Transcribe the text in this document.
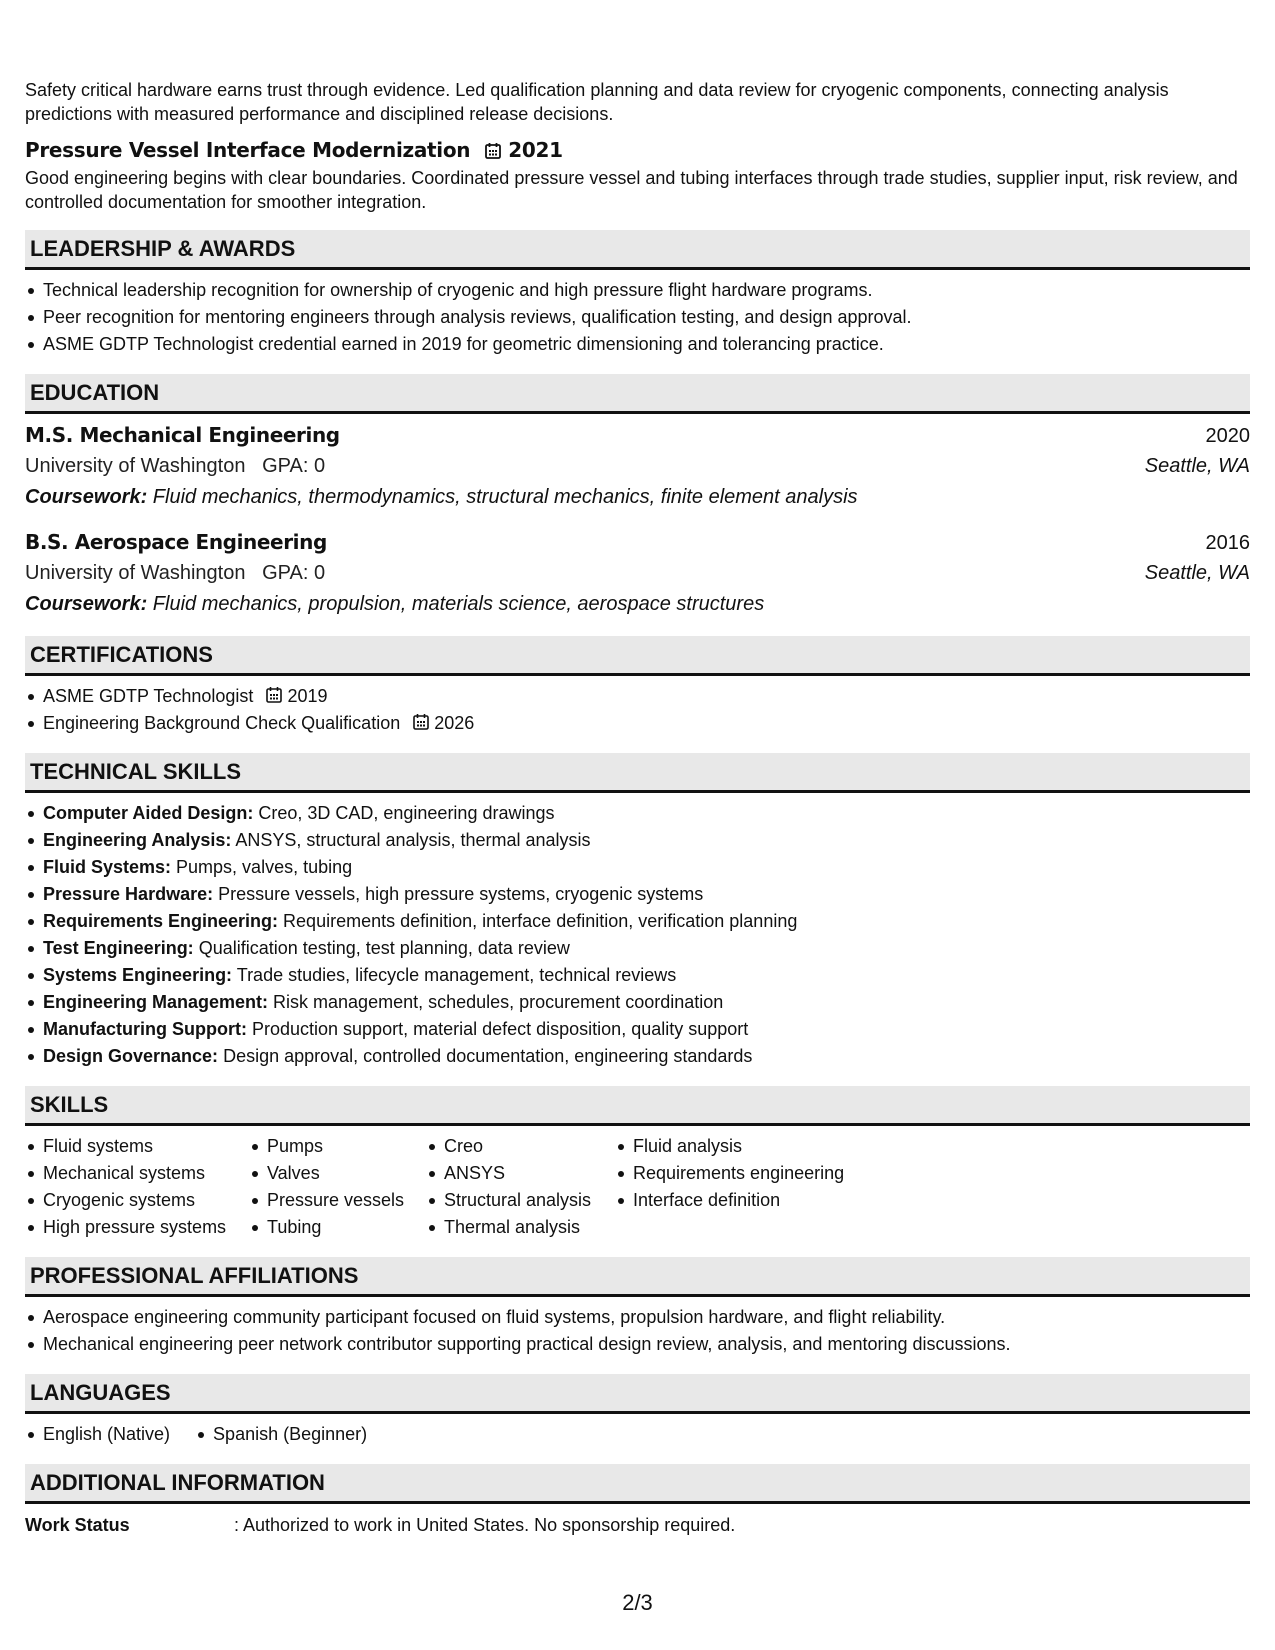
Safety critical hardware earns trust through evidence. Led qualification planning and data review for cryogenic components, connecting analysis predictions with measured performance and disciplined release decisions.

Pressure Vessel Interface Modernization 2021

Good engineering begins with clear boundaries. Coordinated pressure vessel and tubing interfaces through trade studies, supplier input, risk review, and controlled documentation for smoother integration.

LEADERSHIP & AWARDS
Technical leadership recognition for ownership of cryogenic and high pressure flight hardware programs.
Peer recognition for mentoring engineers through analysis reviews, qualification testing, and design approval.
ASME GDTP Technologist credential earned in 2019 for geometric dimensioning and tolerancing practice.
EDUCATION
M.S. Mechanical Engineering	2020
University of Washington   GPA: 0	Seattle, WA
Coursework: Fluid mechanics, thermodynamics, structural mechanics, finite element analysis
B.S. Aerospace Engineering	2016
University of Washington   GPA: 0	Seattle, WA
Coursework: Fluid mechanics, propulsion, materials science, aerospace structures
CERTIFICATIONS
ASME GDTP Technologist 2019
Engineering Background Check Qualification 2026
TECHNICAL SKILLS
Computer Aided Design: Creo, 3D CAD, engineering drawings
Engineering Analysis: ANSYS, structural analysis, thermal analysis
Fluid Systems: Pumps, valves, tubing
Pressure Hardware: Pressure vessels, high pressure systems, cryogenic systems
Requirements Engineering: Requirements definition, interface definition, verification planning
Test Engineering: Qualification testing, test planning, data review
Systems Engineering: Trade studies, lifecycle management, technical reviews
Engineering Management: Risk management, schedules, procurement coordination
Manufacturing Support: Production support, material defect disposition, quality support
Design Governance: Design approval, controlled documentation, engineering standards
SKILLS
Fluid systems
Mechanical systems
Cryogenic systems
High pressure systems
Pumps
Valves
Pressure vessels
Tubing
Creo
ANSYS
Structural analysis
Thermal analysis
Fluid analysis
Requirements engineering
Interface definition
PROFESSIONAL AFFILIATIONS
Aerospace engineering community participant focused on fluid systems, propulsion hardware, and flight reliability.
Mechanical engineering peer network contributor supporting practical design review, analysis, and mentoring discussions.
LANGUAGES
English (Native)	Spanish (Beginner)
ADDITIONAL INFORMATION
Work Status	: Authorized to work in United States. No sponsorship required.
2/3
